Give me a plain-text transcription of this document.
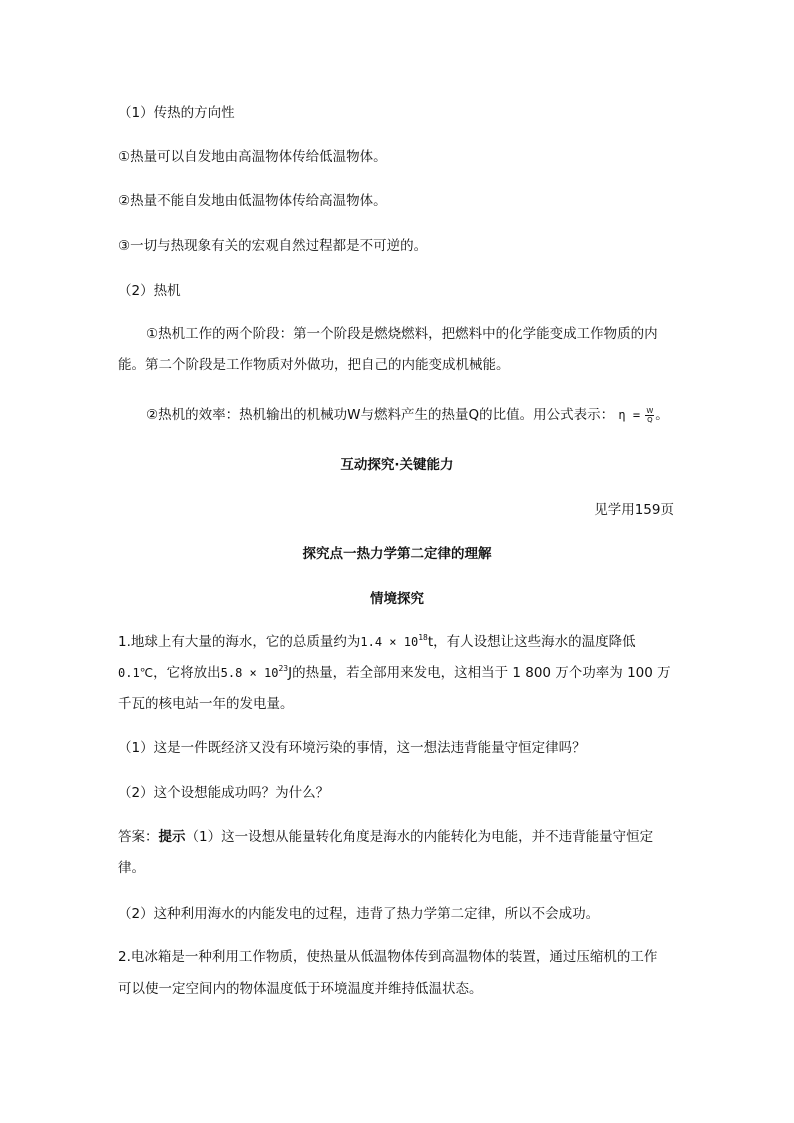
（1）传热的方向性
①热量可以自发地由高温物体传给低温物体。
②热量不能自发地由低温物体传给高温物体。
③一切与热现象有关的宏观自然过程都是不可逆的。
（2）热机
①热机工作的两个阶段：第一个阶段是燃烧燃料，把燃料中的化学能变成工作物质的内
能。第二个阶段是工作物质对外做功，把自己的内能变成机械能。
②热机的效率：热机输出的机械功W与燃料产生的热量Q的比值。用公式表示： $\eta = \frac{W}{Q}$ 。
互动探究·关键能力
见学用159页
探究点一热力学第二定律的理解
情境探究
1.地球上有大量的海水，它的总质量约为$1.4 \times 10^{18}t$，有人设想让这些海水的温度降低
0.1℃，它将放出$5.8 \times 10^{23}J$的热量，若全部用来发电，这相当于 1 800 万个功率为 100 万
千瓦的核电站一年的发电量。
（1）这是一件既经济又没有环境污染的事情，这一想法违背能量守恒定律吗？
（2）这个设想能成功吗？为什么？
答案：提示（1）这一设想从能量转化角度是海水的内能转化为电能，并不违背能量守恒定
律。
（2）这种利用海水的内能发电的过程，违背了热力学第二定律，所以不会成功。
2.电冰箱是一种利用工作物质，使热量从低温物体传到高温物体的装置，通过压缩机的工作
可以使一定空间内的物体温度低于环境温度并维持低温状态。
